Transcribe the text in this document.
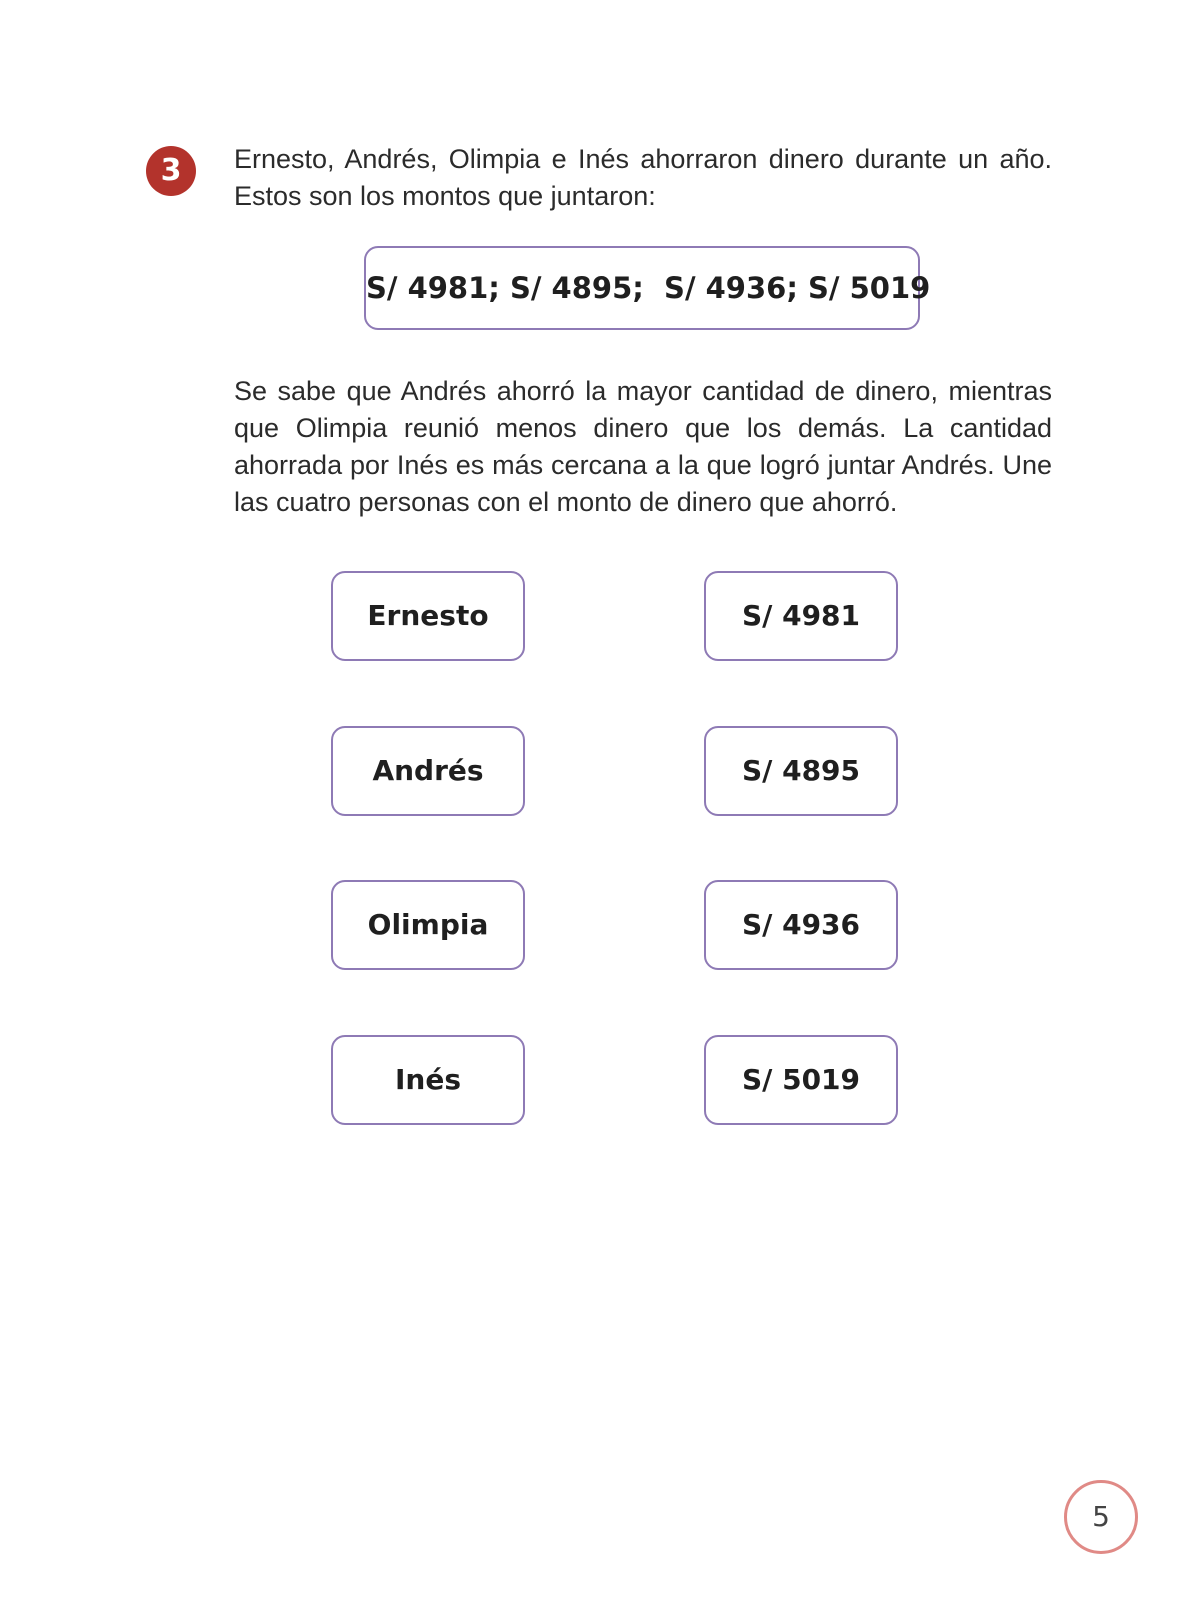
3	Ernesto, Andrés, Olimpia e Inés ahorraron dinero durante un año. Estos son los montos que juntaron:

S/ 4981; S/ 4895;  S/ 4936; S/ 5019

Se sabe que Andrés ahorró la mayor cantidad de dinero, mientras que Olimpia reunió menos dinero que los demás. La cantidad ahorrada por Inés es más cercana a la que logró juntar Andrés. Une las cuatro personas con el monto de dinero que ahorró.

Ernesto	S/ 4981
Andrés	S/ 4895
Olimpia	S/ 4936
Inés	S/ 5019
5
